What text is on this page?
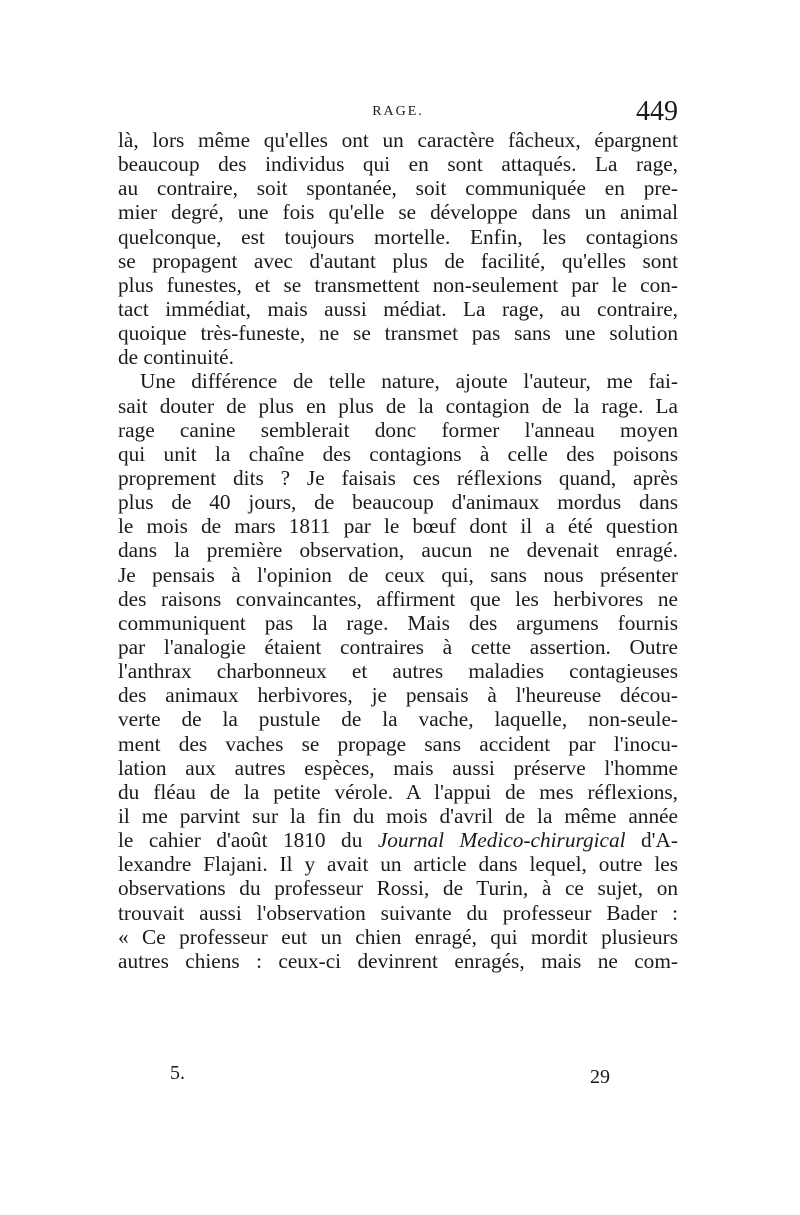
RAGE.	449
là, lors même qu'elles ont un caractère fâcheux, épargnent
beaucoup des individus qui en sont attaqués. La rage,
au contraire, soit spontanée, soit communiquée en pre-
mier degré, une fois qu'elle se développe dans un animal
quelconque, est toujours mortelle. Enfin, les contagions
se propagent avec d'autant plus de facilité, qu'elles sont
plus funestes, et se transmettent non-seulement par le con-
tact immédiat, mais aussi médiat. La rage, au contraire,
quoique très-funeste, ne se transmet pas sans une solution
de continuité.
Une différence de telle nature, ajoute l'auteur, me fai-
sait douter de plus en plus de la contagion de la rage. La
rage canine semblerait donc former l'anneau moyen
qui unit la chaîne des contagions à celle des poisons
proprement dits ? Je faisais ces réflexions quand, après
plus de 40 jours, de beaucoup d'animaux mordus dans
le mois de mars 1811 par le bœuf dont il a été question
dans la première observation, aucun ne devenait enragé.
Je pensais à l'opinion de ceux qui, sans nous présenter
des raisons convaincantes, affirment que les herbivores ne
communiquent pas la rage. Mais des argumens fournis
par l'analogie étaient contraires à cette assertion. Outre
l'anthrax charbonneux et autres maladies contagieuses
des animaux herbivores, je pensais à l'heureuse décou-
verte de la pustule de la vache, laquelle, non-seule-
ment des vaches se propage sans accident par l'inocu-
lation aux autres espèces, mais aussi préserve l'homme
du fléau de la petite vérole. A l'appui de mes réflexions,
il me parvint sur la fin du mois d'avril de la même année
le cahier d'août 1810 du Journal Medico-chirurgical d'A-
lexandre Flajani. Il y avait un article dans lequel, outre les
observations du professeur Rossi, de Turin, à ce sujet, on
trouvait aussi l'observation suivante du professeur Bader :
« Ce professeur eut un chien enragé, qui mordit plusieurs
autres chiens : ceux-ci devinrent enragés, mais ne com-
5.	29
